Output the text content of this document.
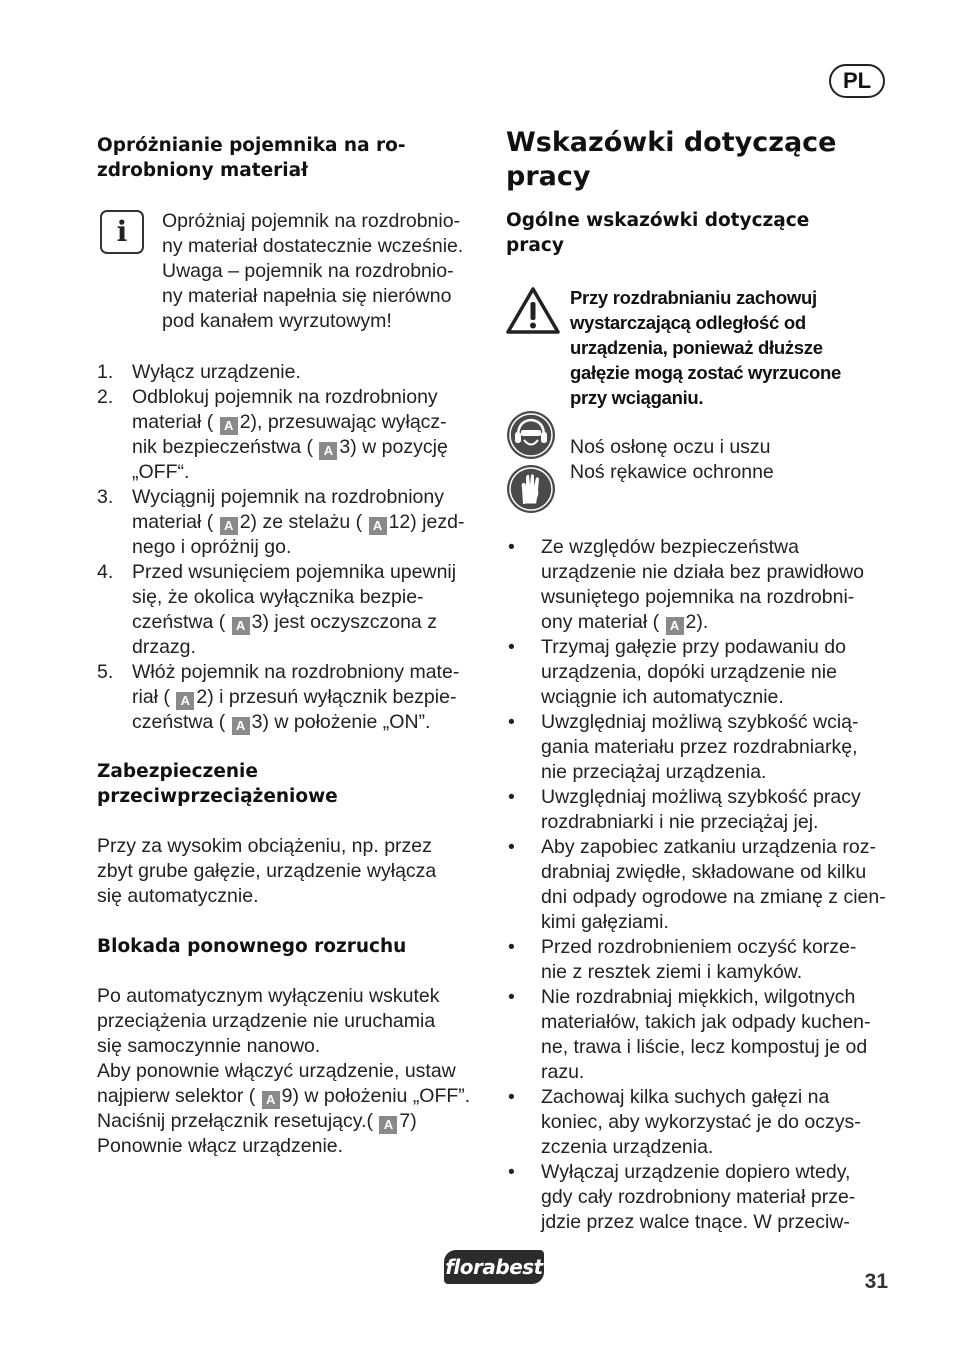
PL
Opróżnianie pojemnika na ro-
zdrobniony materiał
i	Opróżniaj pojemnik na rozdrobnio-
ny materiał dostatecznie wcześnie.
Uwaga – pojemnik na rozdrobnio-
ny materiał napełnia się nierówno
pod kanałem wyrzutowym!
1. Wyłącz urządzenie.
2. Odblokuj pojemnik na rozdrobniony
materiał ( A 2), przesuwając wyłącz-
nik bezpieczeństwa ( A 3) w pozycję
„OFF“.
3. Wyciągnij pojemnik na rozdrobniony
materiał ( A 2) ze stelażu ( A 12) jezd-
nego i opróżnij go.
4. Przed wsunięciem pojemnika upewnij
się, że okolica wyłącznika bezpie-
czeństwa ( A 3) jest oczyszczona z
drzazg.
5. Włóż pojemnik na rozdrobniony mate-
riał ( A 2) i przesuń wyłącznik bezpie-
czeństwa ( A 3) w położenie „ON”.
Zabezpieczenie
przeciwprzeciążeniowe
Przy za wysokim obciążeniu, np. przez
zbyt grube gałęzie, urządzenie wyłącza
się automatycznie.
Blokada ponownego rozruchu
Po automatycznym wyłączeniu wskutek
przeciążenia urządzenie nie uruchamia
się samoczynnie nanowo.
Aby ponownie włączyć urządzenie, ustaw
najpierw selektor ( A 9) w położeniu „OFF”.
Naciśnij przełącznik resetujący.( A 7)
Ponownie włącz urządzenie.
Wskazówki dotyczące
pracy
Ogólne wskazówki dotyczące
pracy
Przy rozdrabnianiu zachowuj
wystarczającą odległość od
urządzenia, ponieważ dłuższe
gałęzie mogą zostać wyrzucone
przy wciąganiu.
Noś osłonę oczu i uszu
Noś rękawice ochronne
• Ze względów bezpieczeństwa
urządzenie nie działa bez prawidłowo
wsuniętego pojemnika na rozdrobni-
ony materiał ( A 2).
• Trzymaj gałęzie przy podawaniu do
urządzenia, dopóki urządzenie nie
wciągnie ich automatycznie.
• Uwzględniaj możliwą szybkość wcią-
gania materiału przez rozdrabniarkę,
nie przeciążaj urządzenia.
• Uwzględniaj możliwą szybkość pracy
rozdrabniarki i nie przeciążaj jej.
• Aby zapobiec zatkaniu urządzenia roz-
drabniaj zwiędłe, składowane od kilku
dni odpady ogrodowe na zmianę z cien-
kimi gałęziami.
• Przed rozdrobnieniem oczyść korze-
nie z resztek ziemi i kamyków.
• Nie rozdrabniaj miękkich, wilgotnych
materiałów, takich jak odpady kuchen-
ne, trawa i liście, lecz kompostuj je od
razu.
• Zachowaj kilka suchych gałęzi na
koniec, aby wykorzystać je do oczys-
zczenia urządzenia.
• Wyłączaj urządzenie dopiero wtedy,
gdy cały rozdrobniony materiał prze-
jdzie przez walce tnące. W przeciw-
florabest
31
